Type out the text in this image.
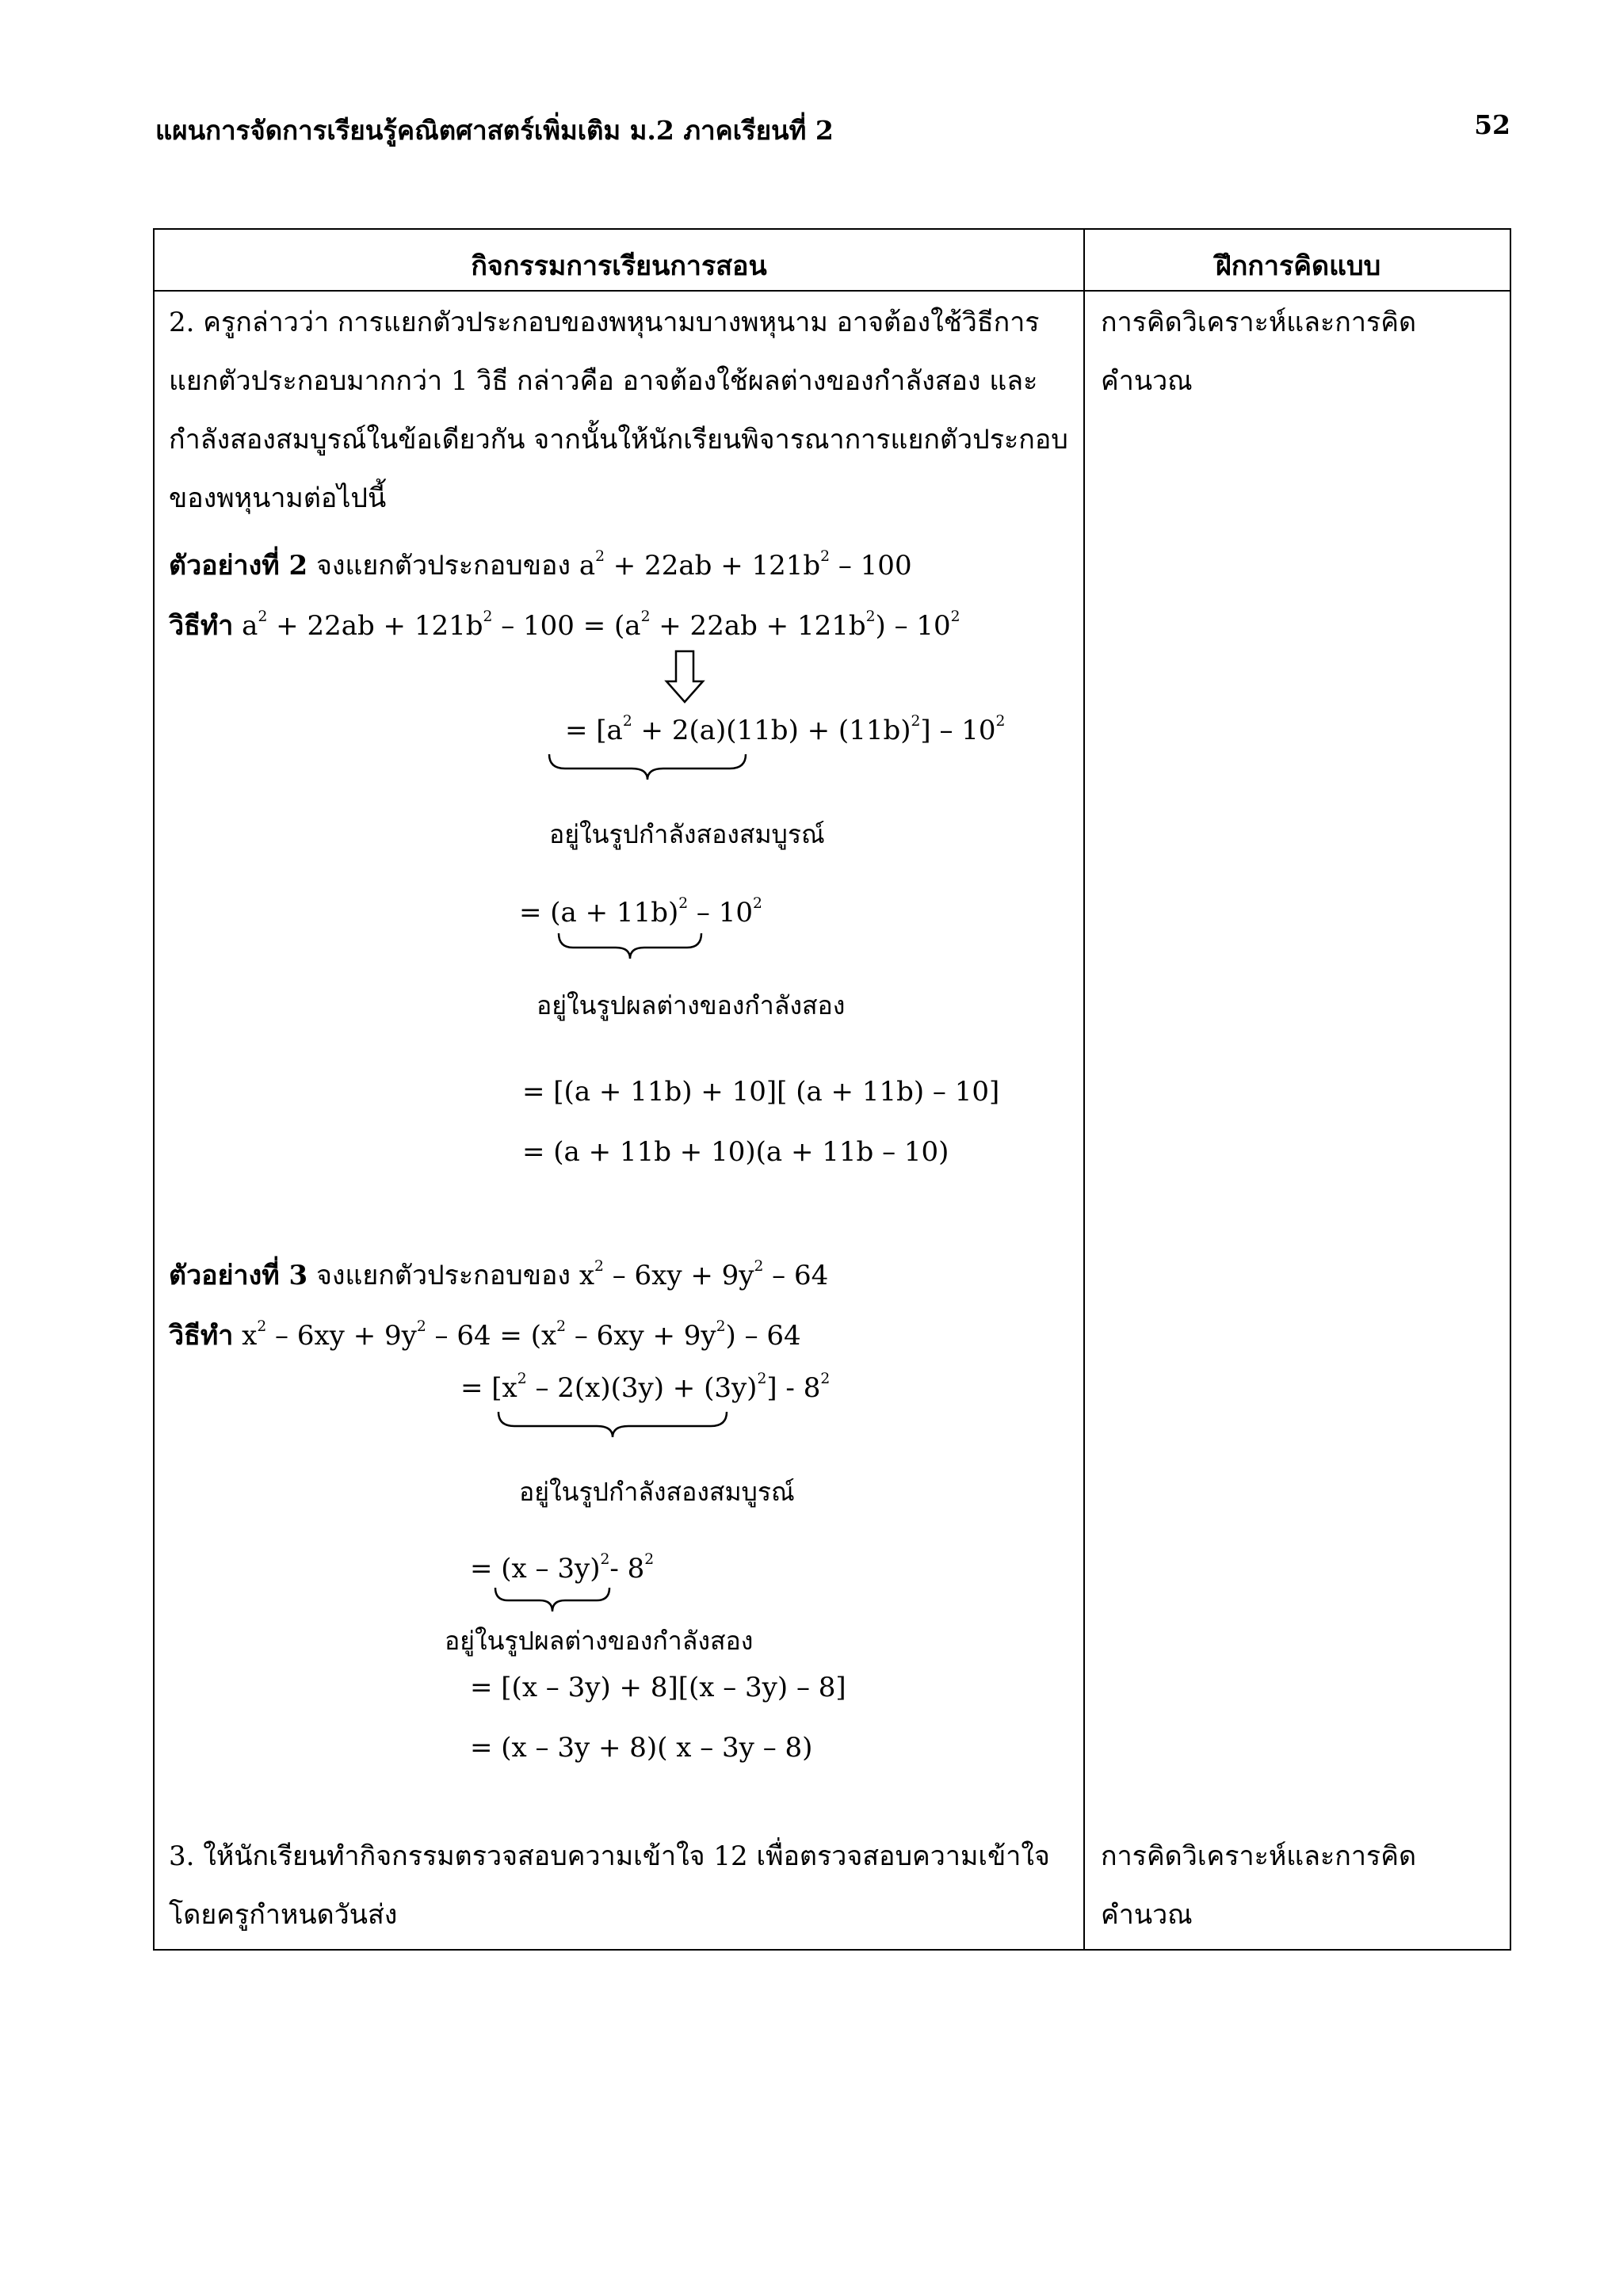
แผนการจัดการเรียนรู้คณิตศาสตร์เพิ่มเติม ม.2 ภาคเรียนที่ 2	52
กิจกรรมการเรียนการสอน	ฝึกการคิดแบบ
2. ครูกล่าวว่า การแยกตัวประกอบของพหุนามบางพหุนาม อาจต้องใช้วิธีการแยกตัวประกอบมากกว่า 1 วิธี กล่าวคือ อาจต้องใช้ผลต่างของกำลังสอง และกำลังสองสมบูรณ์ในข้อเดียวกัน จากนั้นให้นักเรียนพิจารณาการแยกตัวประกอบของพหุนามต่อไปนี้
การคิดวิเคราะห์และการคิด
คำนวณ
ตัวอย่างที่ 2 จงแยกตัวประกอบของ $a^2 + 22ab + 121b^2 - 100$
วิธีทำ $a^2 + 22ab + 121b^2 - 100 = (a^2 + 22ab + 121b^2) - 10^2$
= $[a^2 + 2(a)(11b) + (11b)^2] - 10^2$
อยู่ในรูปกำลังสองสมบูรณ์
= $(a + 11b)^2 - 10^2$
อยู่ในรูปผลต่างของกำลังสอง
= [(a + 11b) + 10][ (a + 11b) – 10]
= (a + 11b + 10)(a + 11b – 10)
ตัวอย่างที่ 3 จงแยกตัวประกอบของ $x^2 - 6xy + 9y^2 - 64$
วิธีทำ $x^2 - 6xy + 9y^2 - 64 = (x^2 - 6xy + 9y^2) - 64$
= $[x^2 - 2(x)(3y) + (3y)^2] - 8^2$
อยู่ในรูปกำลังสองสมบูรณ์
= (x – 3y)$^2$- $8^2$
อยู่ในรูปผลต่างของกำลังสอง
= [(x – 3y) + 8][(x – 3y) – 8]
= (x – 3y + 8)( x – 3y – 8)
3. ให้นักเรียนทำกิจกรรมตรวจสอบความเข้าใจ 12 เพื่อตรวจสอบความเข้าใจโดยครูกำหนดวันส่ง
การคิดวิเคราะห์และการคิด
คำนวณ
